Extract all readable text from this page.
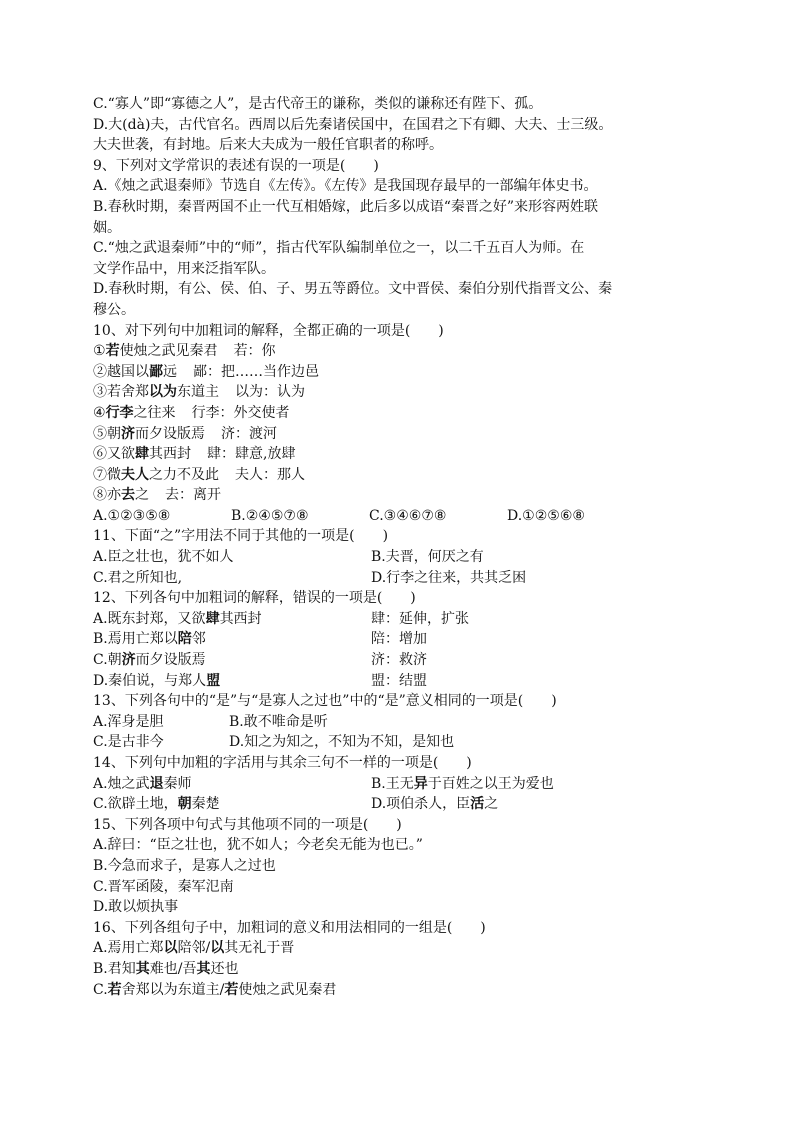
C.“寡人”即“寡德之人”，是古代帝王的谦称，类似的谦称还有陛下、孤。
D.大(dà)夫，古代官名。西周以后先秦诸侯国中，在国君之下有卿、大夫、士三级。
大夫世袭，有封地。后来大夫成为一般任官职者的称呼。
9、下列对文学常识的表述有误的一项是(　　)
A.《烛之武退秦师》节选自《左传》。《左传》是我国现存最早的一部编年体史书。
B.春秋时期，秦晋两国不止一代互相婚嫁，此后多以成语“秦晋之好”来形容两姓联
姻。
C.“烛之武退秦师”中的“师”，指古代军队编制单位之一，以二千五百人为师。在
文学作品中，用来泛指军队。
D.春秋时期，有公、侯、伯、子、男五等爵位。文中晋侯、秦伯分别代指晋文公、秦
穆公。
10、对下列句中加粗词的解释，全都正确的一项是(　　)
①若使烛之武见秦君 若：你
②越国以鄙远 鄙：把……当作边邑
③若舍郑以为东道主 以为：认为
④行李之往来 行李：外交使者
⑤朝济而夕设版焉 济：渡河
⑥又欲肆其西封 肆：肆意,放肆
⑦微夫人之力不及此 夫人：那人
⑧亦去之 去：离开
A.①②③⑤⑧	B.②④⑤⑦⑧	C.③④⑥⑦⑧	D.①②⑤⑥⑧
11、下面“之”字用法不同于其他的一项是(　　)
A.臣之壮也，犹不如人	B.夫晋，何厌之有
C.君之所知也,	D.行李之往来，共其乏困
12、下列各句中加粗词的解释，错误的一项是(　　)
A.既东封郑，又欲肆其西封	肆：延伸，扩张
B.焉用亡郑以陪邻	陪：增加
C.朝济而夕设版焉	济：救济
D.秦伯说，与郑人盟	盟：结盟
13、下列各句中的“是”与“是寡人之过也”中的“是”意义相同的一项是(　　)
A.浑身是胆	B.敢不唯命是听
C.是古非今	D.知之为知之，不知为不知，是知也
14、下列句中加粗的字活用与其余三句不一样的一项是(　　)
A.烛之武退秦师	B.王无异于百姓之以王为爱也
C.欲辟土地，朝秦楚	D.项伯杀人，臣活之
15、下列各项中句式与其他项不同的一项是(　　)
A.辞曰：“臣之壮也，犹不如人；今老矣无能为也已。”
B.今急而求子，是寡人之过也
C.晋军函陵，秦军氾南
D.敢以烦执事
16、下列各组句子中，加粗词的意义和用法相同的一组是(　　)
A.焉用亡郑以陪邻/以其无礼于晋
B.君知其难也/吾其还也
C.若舍郑以为东道主/若使烛之武见秦君
